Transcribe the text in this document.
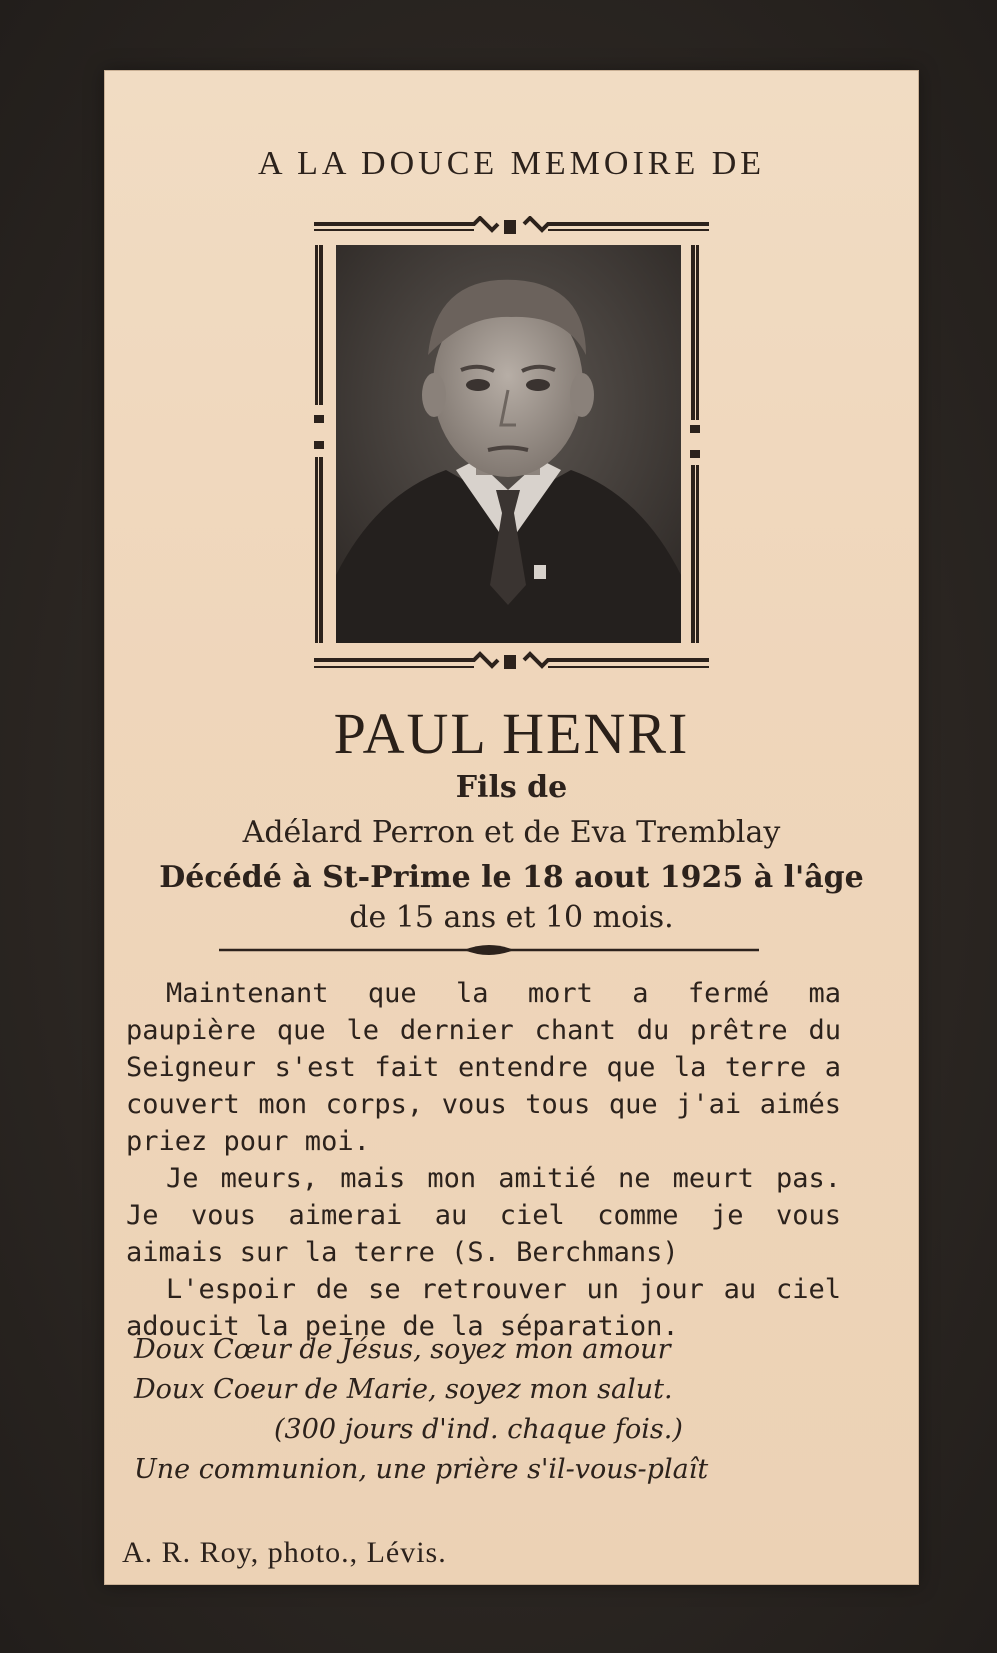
A LA DOUCE MEMOIRE DE
PAUL HENRI
Fils de
Adélard Perron et de Eva Tremblay
Décédé à St-Prime le 18 aout 1925 à l'âge
de 15 ans et 10 mois.

Maintenant que la mort a fermé ma paupière que le dernier chant du prêtre du Seigneur s'est fait entendre que la terre a couvert mon corps, vous tous que j'ai aimés priez pour moi.

Je meurs, mais mon amitié ne meurt pas. Je vous aimerai au ciel comme je vous aimais sur la terre (S. Berchmans)

L'espoir de se retrouver un jour au ciel adoucit la peine de la séparation.

Doux Cœur de Jésus, soyez mon amour

Doux Coeur de Marie, soyez mon salut.

(300 jours d'ind. chaque fois.)

Une communion, une prière s'il-vous-plaît

A. R. Roy, photo., Lévis.
